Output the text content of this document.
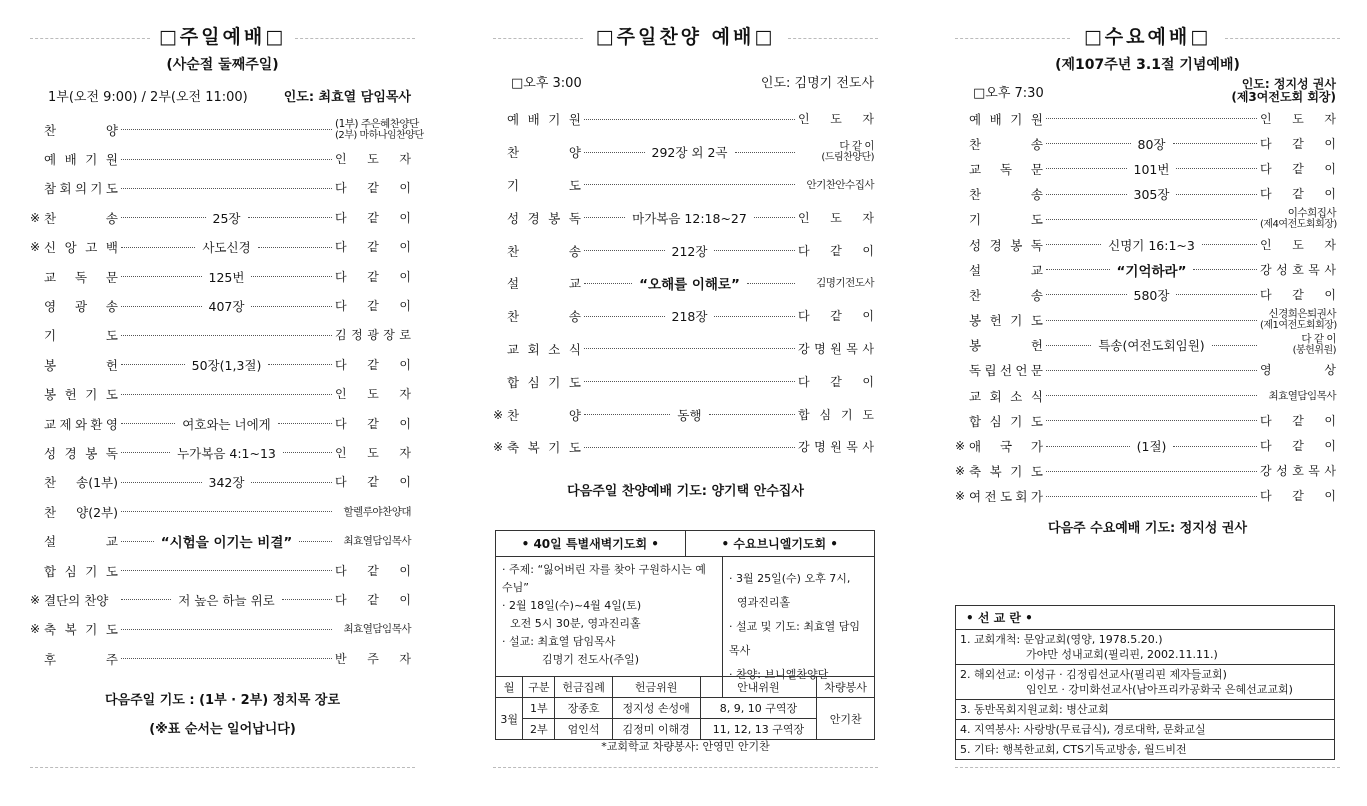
□주일예배□
(사순절 둘째주일)
1부(오전 9:00) / 2부(오전 11:00)	인도: 최효열 담임목사
찬	양	(1부) 주은혜찬양단
(2부) 마하나임찬양단
예 배 기 원	인 도 자
참 회 의 기 도	다 같 이
※ 찬	송	25장	다 같 이
※ 신 앙 고 백	사도신경	다 같 이
교 독 문	125번	다 같 이
영 광 송	407장	다 같 이
기	도	김 정 광 장 로
봉	헌	50장(1,3절)	다 같 이
봉 헌 기 도	인 도 자
교 제 와 환 영	여호와는 너에게	다 같 이
성 경 봉 독	누가복음 4:1~13	인 도 자
찬 송(1부)	342장	다 같 이
찬 양(2부)	할렐루야찬양대
설	교	“시험을 이기는 비결”	최효열담임목사
합 심 기 도	다 같 이
※ 결단의 찬양	저 높은 하늘 위로	다 같 이
※ 축 복 기 도	최효열담임목사
후	주	반 주 자
다음주일 기도 : (1부 · 2부) 정치목 장로
(※표 순서는 일어납니다)
□주일찬양 예배□
□오후 3:00	인도: 김명기 전도사
예 배 기 원	인 도 자
찬	양	292장 외 2곡	다 같 이
(드림찬양단)
기	도	안기찬안수집사
성 경 봉 독	마가복음 12:18~27	인 도 자
찬	송	212장	다 같 이
설	교	“오해를 이해로”	김명기전도사
찬	송	218장	다 같 이
교 회 소 식	강 명 원 목 사
합 심 기 도	다 같 이
※ 찬	양	동행	합 심 기 도
※ 축 복 기 도	강 명 원 목 사
다음주일 찬양예배 기도: 양기택 안수집사
• 40일 특별새벽기도회 •	• 수요브니엘기도회 •
· 주제: “잃어버린 자를 찾아 구원하시는 예수님”
· 2월 18일(수)~4월 4일(토)
오전 5시 30분, 영과진리홀
· 설교: 최효열 담임목사
김명기 전도사(주일)
· 3월 25일(수) 오후 7시,
영과진리홀
· 설교 및 기도: 최효열 담임목사
· 찬양: 브니엘찬양단
월	구분	헌금집례	헌금위원	안내위원	차량봉사
3월	1부	장종호	정지성 손성애	8, 9, 10 구역장	안기찬
	2부	엄인석	김정미 이해경	11, 12, 13 구역장	
*교회학교 차량봉사: 안영민 안기찬
□수요예배□
(제107주년 3.1절 기념예배)
□오후 7:30
인도: 정지성 권사
(제3여전도회 회장)
예 배 기 원	인 도 자
찬	송	80장	다 같 이
교 독 문	101번	다 같 이
찬	송	305장	다 같 이
기	도	이수희집사
(제4여전도회회장)
성 경 봉 독	신명기 16:1~3	인 도 자
설	교	“기억하라”	강 성 호 목 사
찬	송	580장	다 같 이
봉 헌 기 도	신경희은퇴권사
(제1여전도회회장)
봉	헌	특송(여전도회임원)	다 같 이
(봉헌위원)
독 립 선 언 문	영	상
교 회 소 식	최효열담임목사
합 심 기 도	다 같 이
※ 애 국 가	(1절)	다 같 이
※ 축 복 기 도	강 성 호 목 사
※ 여 전 도 회 가	다 같 이
다음주 수요예배 기도: 정지성 권사
• 선 교 란 •
1. 교회개척: 문암교회(영양, 1978.5.20.)
가야만 성내교회(필리핀, 2002.11.11.)
2. 해외선교: 이성규 · 김정림선교사(필리핀 제자들교회)
임인모 · 강미화선교사(남아프리카공화국 은혜선교교회)
3. 동반목회지원교회: 병산교회
4. 지역봉사: 사랑방(무료급식), 경로대학, 문화교실
5. 기타: 행복한교회, CTS기독교방송, 월드비전
